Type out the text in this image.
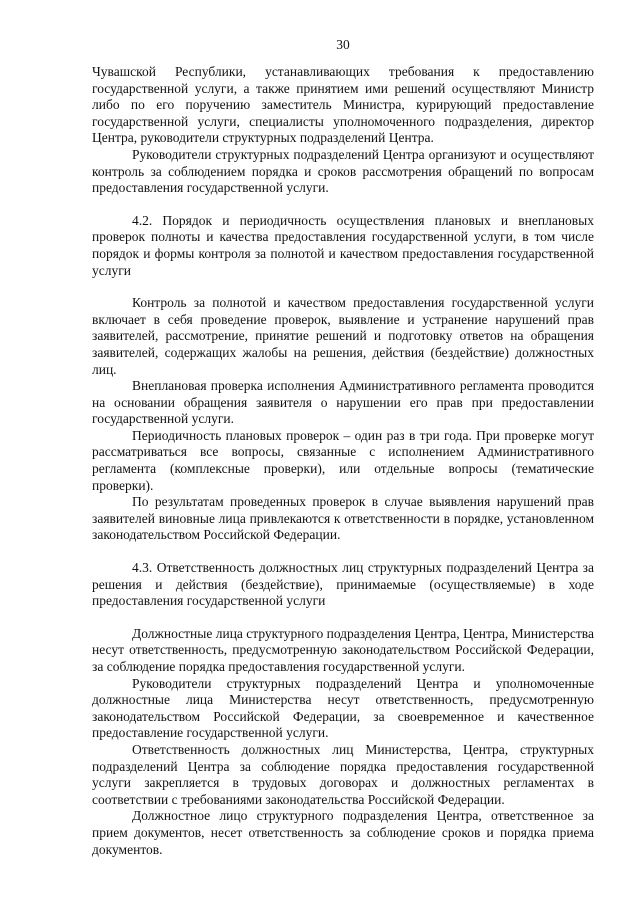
30

Чувашской Республики, устанавливающих требования к предоставлению государственной услуги, а также принятием ими решений осуществляют Министр либо по его поручению заместитель Министра, курирующий предоставление государственной услуги, специалисты уполномоченного подразделения, директор Центра, руководители структурных подразделений Центра.

Руководители структурных подразделений Центра организуют и осуществляют контроль за соблюдением порядка и сроков рассмотрения обращений по вопросам предоставления государственной услуги.

4.2. Порядок и периодичность осуществления плановых и внеплановых проверок полноты и качества предоставления государственной услуги, в том числе порядок и формы контроля за полнотой и качеством предоставления государственной услуги

Контроль за полнотой и качеством предоставления государственной услуги включает в себя проведение проверок, выявление и устранение нарушений прав заявителей, рассмотрение, принятие решений и подготовку ответов на обращения заявителей, содержащих жалобы на решения, действия (бездействие) должностных лиц.

Внеплановая проверка исполнения Административного регламента проводится на основании обращения заявителя о нарушении его прав при предоставлении государственной услуги.

Периодичность плановых проверок – один раз в три года. При проверке могут рассматриваться все вопросы, связанные с исполнением Административного регламента (комплексные проверки), или отдельные вопросы (тематические проверки).

По результатам проведенных проверок в случае выявления нарушений прав заявителей виновные лица привлекаются к ответственности в порядке, установленном законодательством Российской Федерации.

4.3. Ответственность должностных лиц структурных подразделений Центра за решения и действия (бездействие), принимаемые (осуществляемые) в ходе предоставления государственной услуги

Должностные лица структурного подразделения Центра, Центра, Министерства несут ответственность, предусмотренную законодательством Российской Федерации, за соблюдение порядка предоставления государственной услуги.

Руководители структурных подразделений Центра и уполномоченные должностные лица Министерства несут ответственность, предусмотренную законодательством Российской Федерации, за своевременное и качественное предоставление государственной услуги.

Ответственность должностных лиц Министерства, Центра, структурных подразделений Центра за соблюдение порядка предоставления государственной услуги закрепляется в трудовых договорах и должностных регламентах в соответствии с требованиями законодательства Российской Федерации.

Должностное лицо структурного подразделения Центра, ответственное за прием документов, несет ответственность за соблюдение сроков и порядка приема документов.
